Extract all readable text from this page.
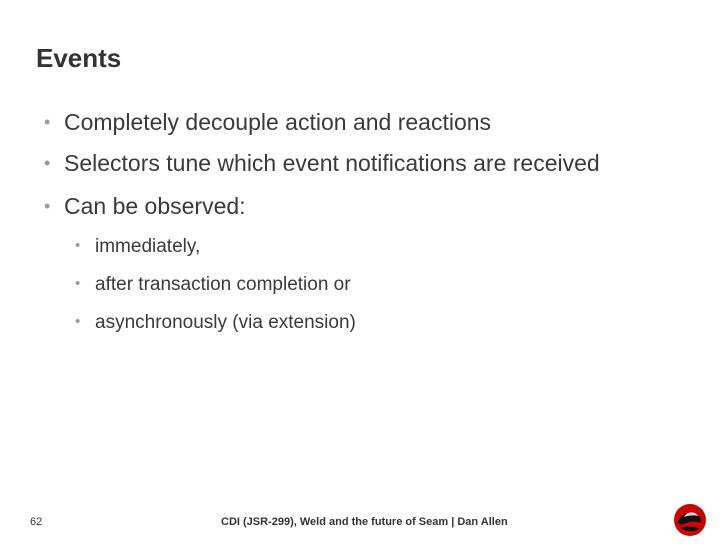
Events
• Completely decouple action and reactions
• Selectors tune which event notifications are received
• Can be observed:
• immediately,
• after transaction completion or
• asynchronously (via extension)
62	CDI (JSR-299), Weld and the future of Seam | Dan Allen
